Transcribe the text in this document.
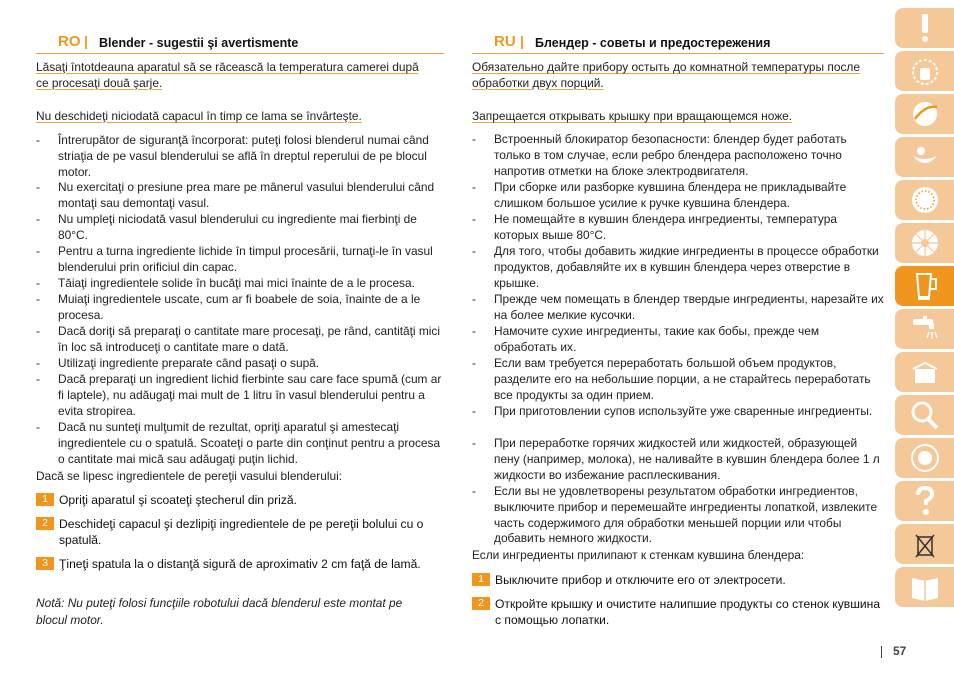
RO | Blender - sugestii şi avertismente

Lăsaţi întotdeauna aparatul să se răcească la temperatura camerei după ce procesaţi două şarje.

Nu deschideţi niciodată capacul în timp ce lama se învârteşte.

- Întrerupător de siguranţă încorporat: puteţi folosi blenderul numai când striaţia de pe vasul blenderului se află în dreptul reperului de pe blocul motor.
- Nu exercitaţi o presiune prea mare pe mânerul vasului blenderului când montaţi sau demontaţi vasul.
- Nu umpleţi niciodată vasul blenderului cu ingrediente mai fierbinţi de 80°C.
- Pentru a turna ingrediente lichide în timpul procesării, turnaţi-le în vasul blenderului prin orificiul din capac.
- Tăiaţi ingredientele solide în bucăţi mai mici înainte de a le procesa.
- Muiaţi ingredientele uscate, cum ar fi boabele de soia, înainte de a le procesa.
- Dacă doriţi să preparaţi o cantitate mare procesaţi, pe rând, cantităţi mici în loc să introduceţi o cantitate mare o dată.
- Utilizaţi ingrediente preparate când pasaţi o supă.
- Dacă preparaţi un ingredient lichid fierbinte sau care face spumă (cum ar fi laptele), nu adăugaţi mai mult de 1 litru în vasul blenderului pentru a evita stropirea.
- Dacă nu sunteţi mulţumit de rezultat, opriţi aparatul şi amestecaţi ingredientele cu o spatulă. Scoateţi o parte din conţinut pentru a procesa o cantitate mai mică sau adăugaţi puţin lichid.

Dacă se lipesc ingredientele de pereţii vasului blenderului:

1 Opriţi aparatul şi scoateţi ştecherul din priză.
2 Deschideţi capacul şi dezlipiţi ingredientele de pe pereţii bolului cu o spatulă.
3 Ţineţi spatula la o distanţă sigură de aproximativ 2 cm faţă de lamă.

Notă: Nu puteţi folosi funcţiile robotului dacă blenderul este montat pe blocul motor.

RU | Блендер - советы и предостережения

Обязательно дайте прибору остыть до комнатной температуры после обработки двух порций.

Запрещается открывать крышку при вращающемся ноже.

- Встроенный блокиратор безопасности: блендер будет работать только в том случае, если ребро блендера расположено точно напротив отметки на блоке электродвигателя.
- При сборке или разборке кувшина блендера не прикладывайте слишком большое усилие к ручке кувшина блендера.
- Не помещайте в кувшин блендера ингредиенты, температура которых выше 80°C.
- Для того, чтобы добавить жидкие ингредиенты в процессе обработки продуктов, добавляйте их в кувшин блендера через отверстие в крышке.
- Прежде чем помещать в блендер твердые ингредиенты, нарезайте их на более мелкие кусочки.
- Намочите сухие ингредиенты, такие как бобы, прежде чем обработать их.
- Если вам требуется переработать большой объем продуктов, разделите его на небольшие порции, а не старайтесь переработать все продукты за один прием.
- При приготовлении супов используйте уже сваренные ингредиенты.
- При переработке горячих жидкостей или жидкостей, образующей пену (например, молока), не наливайте в кувшин блендера более 1 л жидкости во избежание расплескивания.
- Если вы не удовлетворены результатом обработки ингредиентов, выключите прибор и перемешайте ингредиенты лопаткой, извлеките часть содержимого для обработки меньшей порции или чтобы добавить немного жидкости.

Если ингредиенты прилипают к стенкам кувшина блендера:

1 Выключите прибор и отключите его от электросети.
2 Откройте крышку и очистите налипшие продукты со стенок кувшина с помощью лопатки.
57
